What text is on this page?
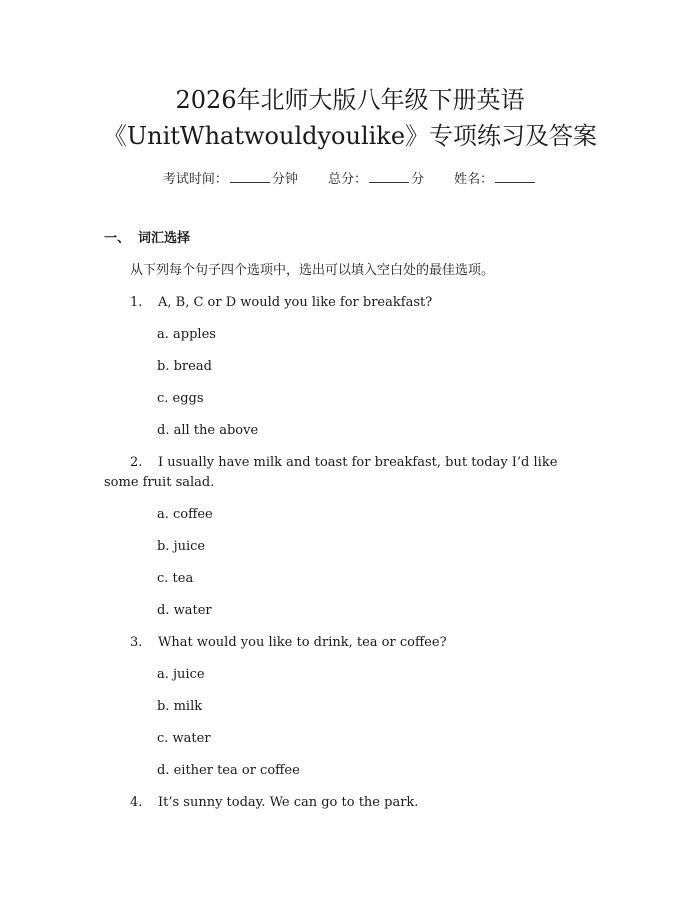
2026年北师大版八年级下册英语
《UnitWhatwouldyoulike》专项练习及答案
考试时间：	分钟 总分：	分 姓名：
一、 词汇选择
从下列每个句子四个选项中，选出可以填入空白处的最佳选项。
1. A, B, C or D would you like for breakfast?
a. apples
b. bread
c. eggs
d. all the above
2. I usually have milk and toast for breakfast, but today I’d like
some fruit salad.
a. coffee
b. juice
c. tea
d. water
3. What would you like to drink, tea or coffee?
a. juice
b. milk
c. water
d. either tea or coffee
4. It’s sunny today. We can go to the park.
